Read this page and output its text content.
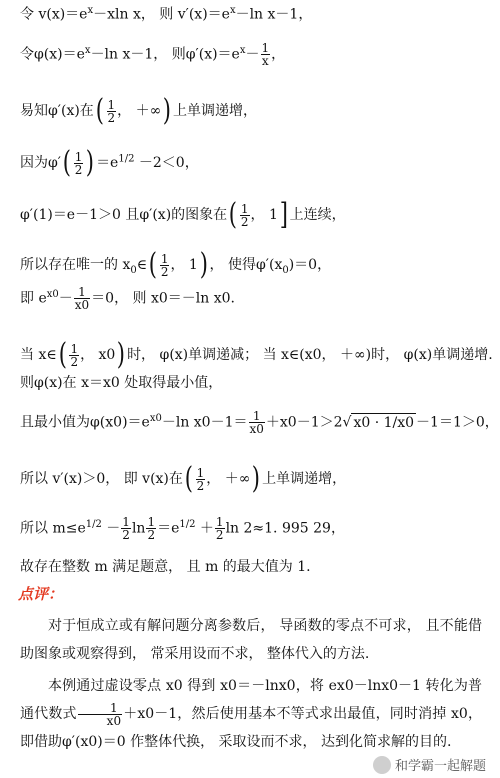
令 $v(x)=e^x-xln$ x， 则 $v'(x)=e^x-\ln$ x－1，
令$\varphi(x)=e^x-\ln$ x－1， 则$\varphi'(x)=e^x- \frac{1}{x}$ ，
易知φ′(x)在( $\frac{1}{2}$ ， ＋∞) 上单调递增，
因为$\varphi'( \frac{1}{2}$ ) $=e^{1/2} -2<0$，
φ′(1)＝e－1＞0 且φ′(x)的图象在( $\frac{1}{2}$ ， 1] 上连续，
所以存在唯一的 $x_0\in( \frac{1}{2}$ ， 1) ， 使得$\varphi'(x_0)=0$，
即 $e^{x0}- \frac{1}{x0} =0$， 则 x0＝－ln x0.
当 x∈( $\frac{1}{2}$ ， x0) 时， φ(x)单调递减； 当 x∈(x0， ＋∞)时， φ(x)单调递增.
则φ(x)在 x＝x0 处取得最小值，
且最小值为$\varphi(x0)=e^{x0}-\ln$ $x0-1= \frac{1}{x0} +x0-1>2√$ x0 · 1/x0 －1＝1＞0，
所以 v′(x)＞0， 即 v(x)在( $\frac{1}{2}$ ， ＋∞) 上单调递增，
所以 $m\le e^{1/2} - \frac{1}{2}$ $\ln \frac{1}{2} =e^{1/2} + \frac{1}{2}$ ln 2≈1. 995 29，
故存在整数 m 满足题意， 且 m 的最大值为 1.
点评：
对于恒成立或有解问题分离参数后， 导函数的零点不可求， 且不能借助图象或观察得到， 常采用设而不求， 整体代入的方法.
本例通过虚设零点 x0 得到 x0＝－lnx0，将 ex0－lnx0－1 转化为普通代数式 $\frac{1}{x0} +x0-1$，然后使用基本不等式求出最值，同时消掉 x0，即借助φ′(x0)＝0 作整体代换， 采取设而不求， 达到化简求解的目的.
和学霸一起解题
